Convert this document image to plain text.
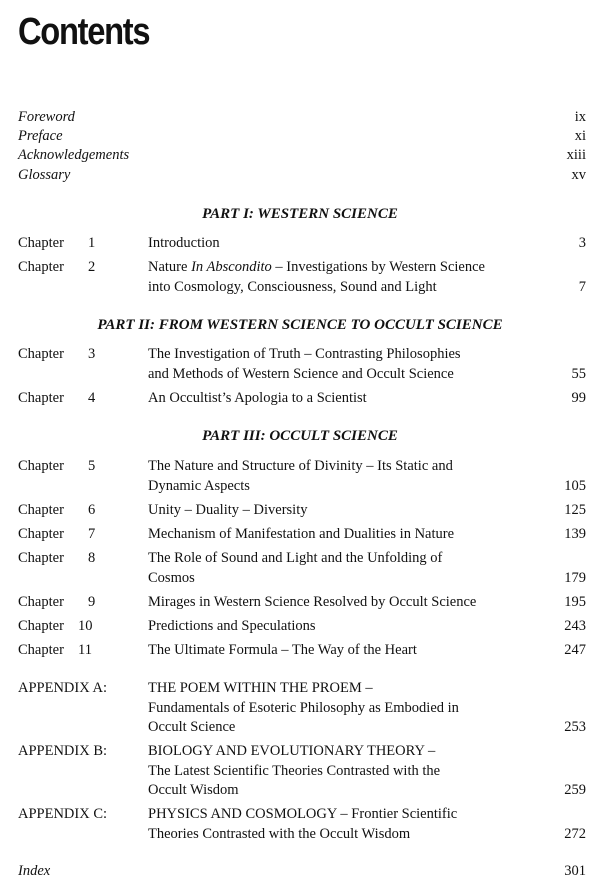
Contents
Foreword	ix
Preface	xi
Acknowledgements	xiii
Glossary	xv
PART I: WESTERN SCIENCE
Chapter 1	Introduction	3
Chapter 2	Nature In Abscondito – Investigations by Western Science
into Cosmology, Consciousness, Sound and Light	7
PART II: FROM WESTERN SCIENCE TO OCCULT SCIENCE
Chapter 3	The Investigation of Truth – Contrasting Philosophies
and Methods of Western Science and Occult Science	55
Chapter 4	An Occultist’s Apologia to a Scientist	99
PART III: OCCULT SCIENCE
Chapter 5	The Nature and Structure of Divinity – Its Static and
Dynamic Aspects	105
Chapter 6	Unity – Duality – Diversity	125
Chapter 7	Mechanism of Manifestation and Dualities in Nature	139
Chapter 8	The Role of Sound and Light and the Unfolding of
Cosmos	179
Chapter 9	Mirages in Western Science Resolved by Occult Science	195
Chapter 10	Predictions and Speculations	243
Chapter 11	The Ultimate Formula – The Way of the Heart	247
APPENDIX A:	THE POEM WITHIN THE PROEM –
Fundamentals of Esoteric Philosophy as Embodied in
Occult Science	253
APPENDIX B:	BIOLOGY AND EVOLUTIONARY THEORY –
The Latest Scientific Theories Contrasted with the
Occult Wisdom	259
APPENDIX C:	PHYSICS AND COSMOLOGY – Frontier Scientific
Theories Contrasted with the Occult Wisdom	272
Index	301
